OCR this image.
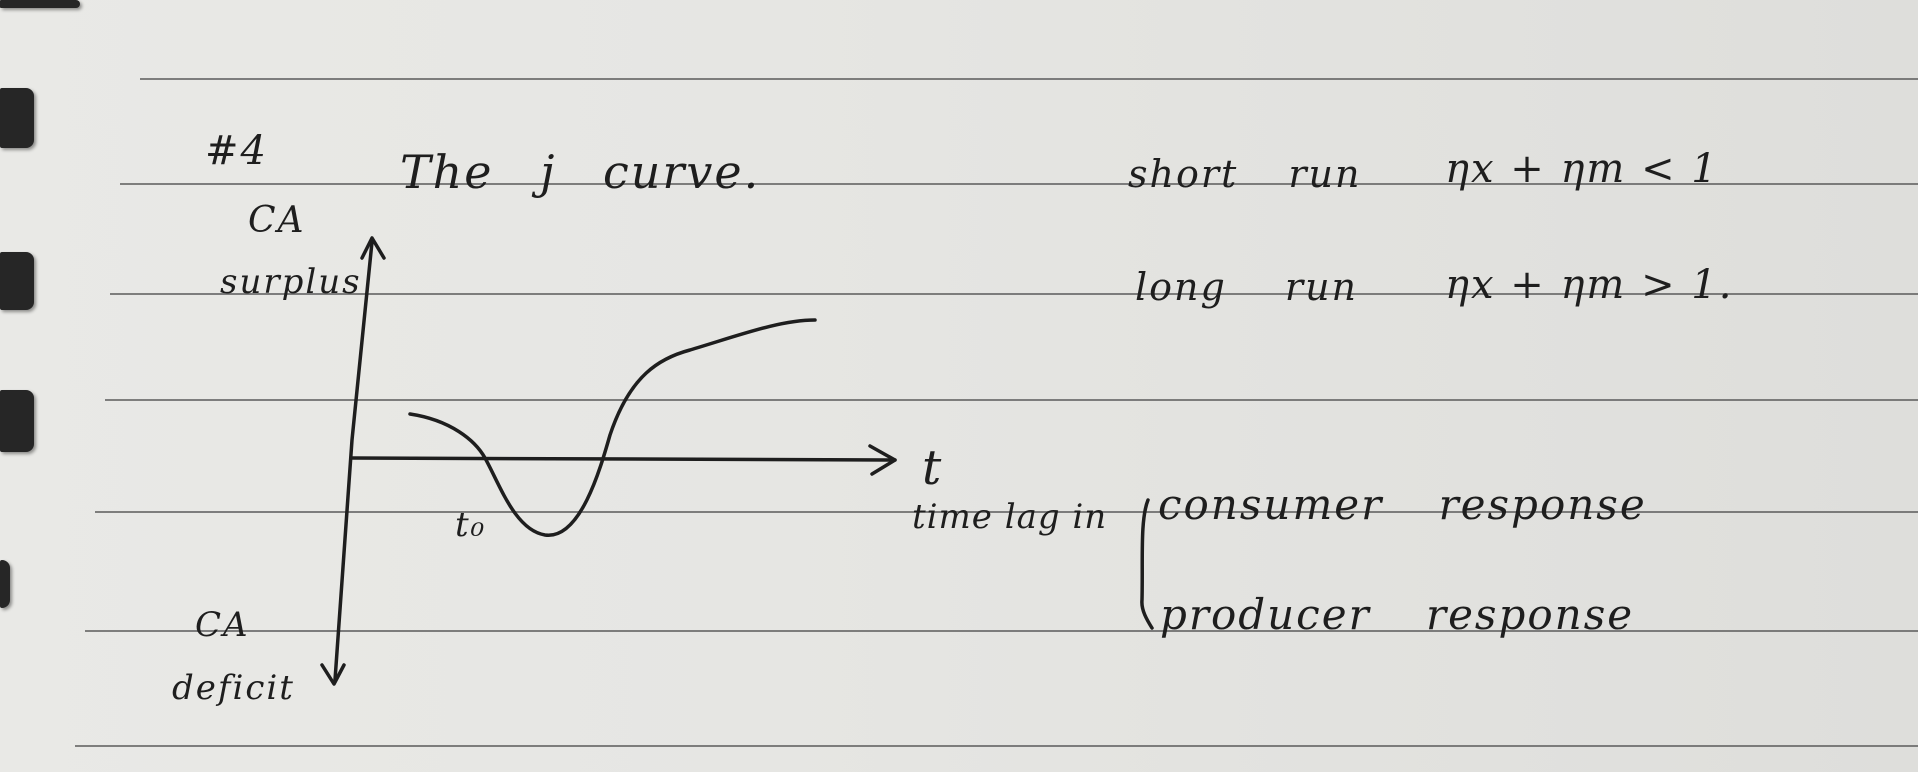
#4	The j curve.	short run ηx + ηm < 1
long run ηx + ηm > 1.
CA
surplus
CA
deficit
t
t₀	time lag in consumer response
producer response
